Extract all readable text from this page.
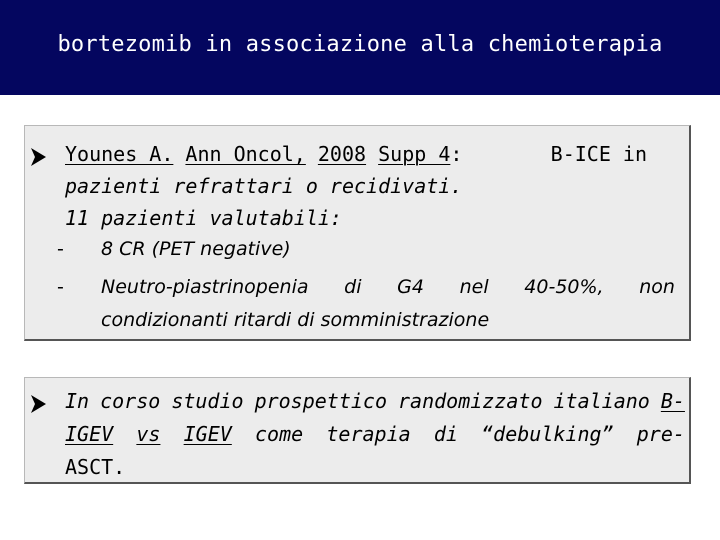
bortezomib in associazione alla chemioterapia
Younes A. Ann Oncol, 2008 Supp 4:	B-ICE in
pazienti refrattari o recidivati.
11 pazienti valutabili:
- 8 CR (PET negative)
- Neutro-piastrinopenia di G4 nel 40-50%, non
condizionanti ritardi di somministrazione
In corso studio prospettico randomizzato italiano B-
IGEV vs IGEV come terapia di “debulking” pre-
ASCT.
